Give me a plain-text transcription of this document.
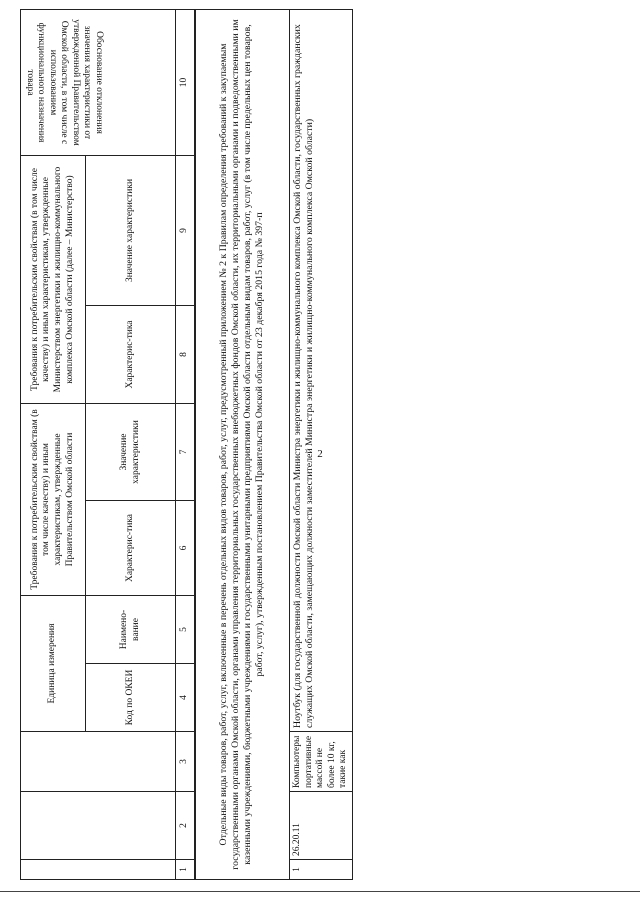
2
			Единица измерения		Требования к потребительским свойствам (в том числе качеству) и иным характеристикам, утвержденные Правительством Омской области		Требования к потребительским свойствам (в том числе качеству) и иным характеристикам, утвержденные Министерством энергетики и жилищно-коммунального комплекса Омской области (далее – Министерство)		Обоснование отклонения значения характеристики от утвержденной Правительством Омской области, в том числе с использованием функционального назначения товара
			Код по ОКЕИ	Наимено-вание	Характерис-тика	Значение характеристики	Характерис-тика	Значение характеристики	
1	2	3	4	5	6	7	8	9	10
Отдельные виды товаров, работ, услуг, включенные в перечень отдельных видов товаров, работ, услуг, предусмотренный приложением № 2 к Правилам определения требований к закупаемым государственными органами Омской области, органами управления территориальных государственных внебюджетных фондов Омской области, их территориальными органами и подведомственными им казенными учреждениями, бюджетными учреждениями и государственными унитарными предприятиями Омской области отдельным видам товаров, работ, услуг (в том числе предельных цен товаров, работ, услуг), утвержденным постановлением Правительства Омской области от 23 декабря 2015 года № 397-п									
1	26.20.11	Компьютеры портативные массой не более 10 кг, такие как	Ноутбук (для государственной должности Омской области Министра энергетики и жилищно-коммунального комплекса Омской области, государственных гражданских служащих Омской области, замещающих должности заместителей Министра энергетики и жилищно-коммунального комплекса Омской области)						
